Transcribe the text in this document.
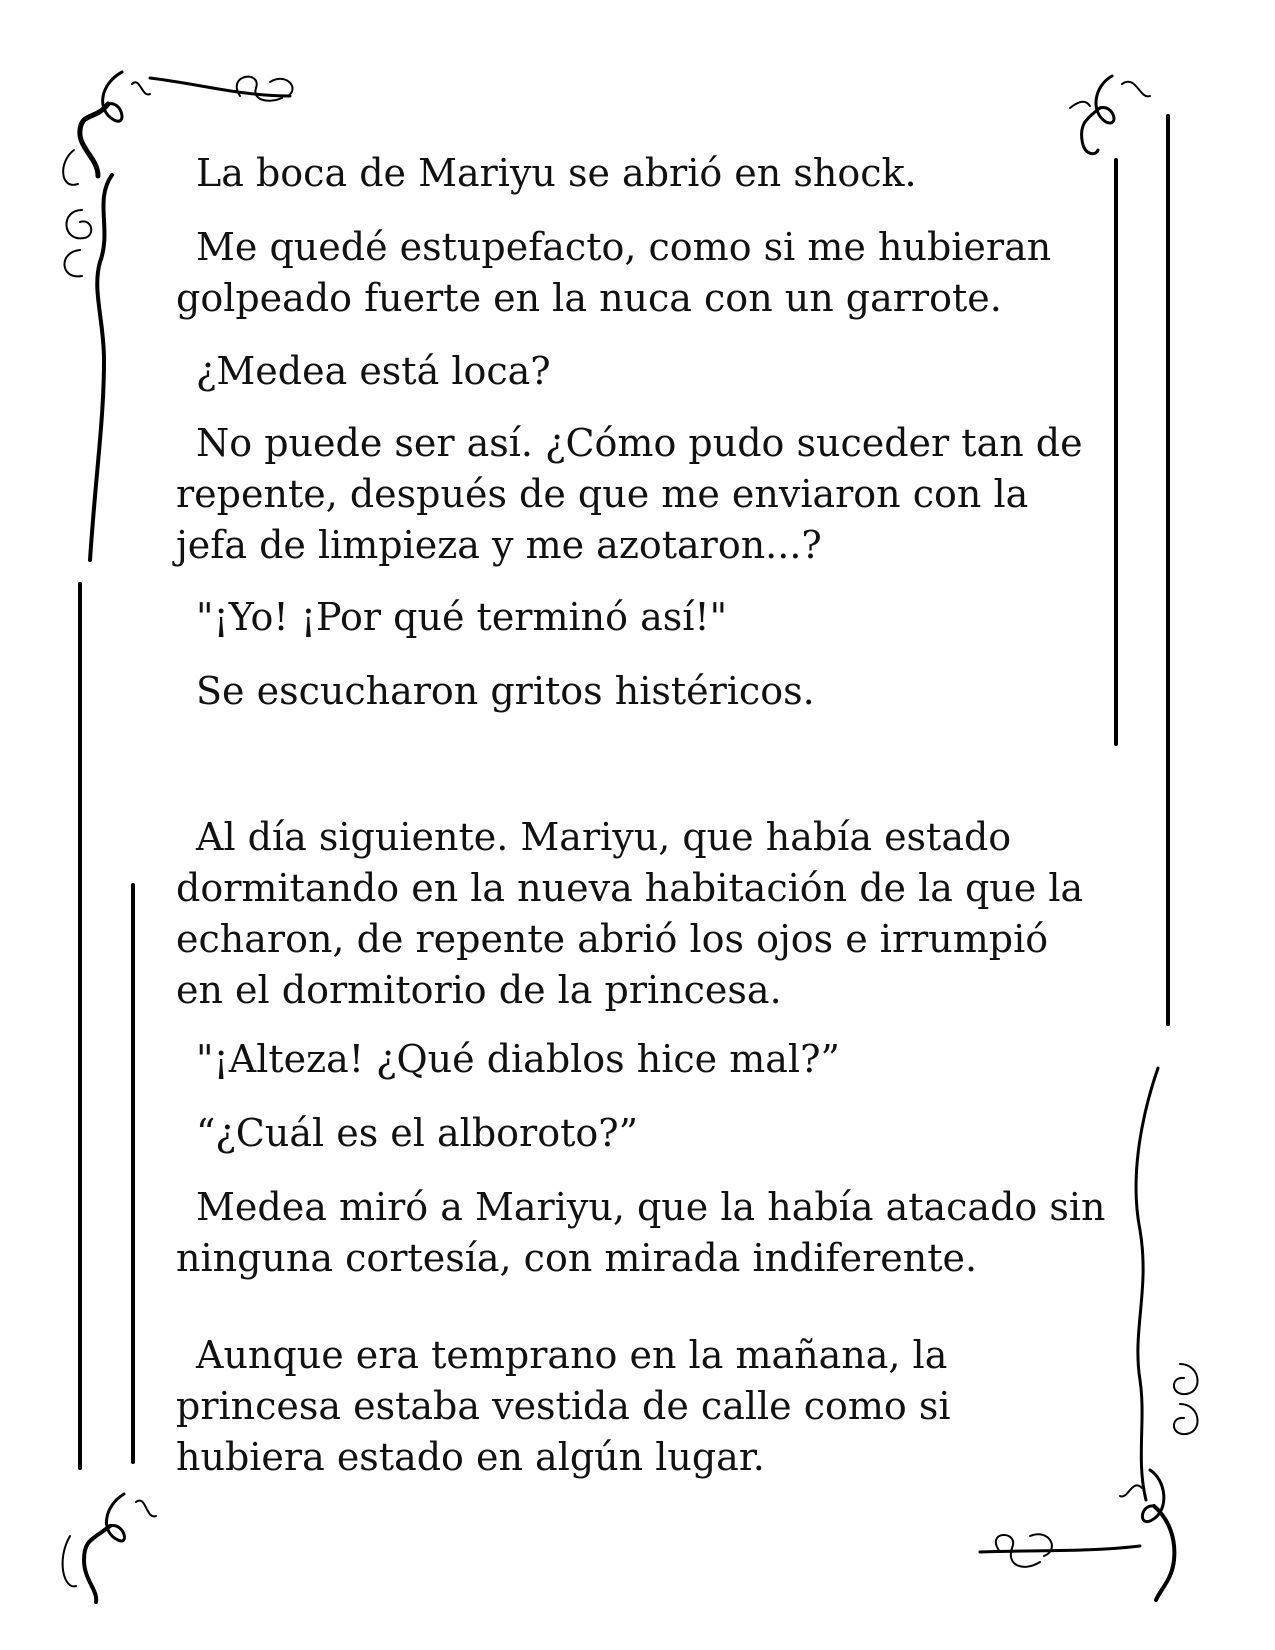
La boca de Mariyu se abrió en shock.

Me quedé estupefacto, como si me hubieran golpeado fuerte en la nuca con un garrote.

¿Medea está loca?

No puede ser así. ¿Cómo pudo suceder tan de repente, después de que me enviaron con la jefa de limpieza y me azotaron...?

"¡Yo! ¡Por qué terminó así!"

Se escucharon gritos histéricos.

Al día siguiente. Mariyu, que había estado dormitando en la nueva habitación de la que la echaron, de repente abrió los ojos e irrumpió en el dormitorio de la princesa.

"¡Alteza! ¿Qué diablos hice mal?”

“¿Cuál es el alboroto?”

Medea miró a Mariyu, que la había atacado sin ninguna cortesía, con mirada indiferente.

Aunque era temprano en la mañana, la princesa estaba vestida de calle como si hubiera estado en algún lugar.
